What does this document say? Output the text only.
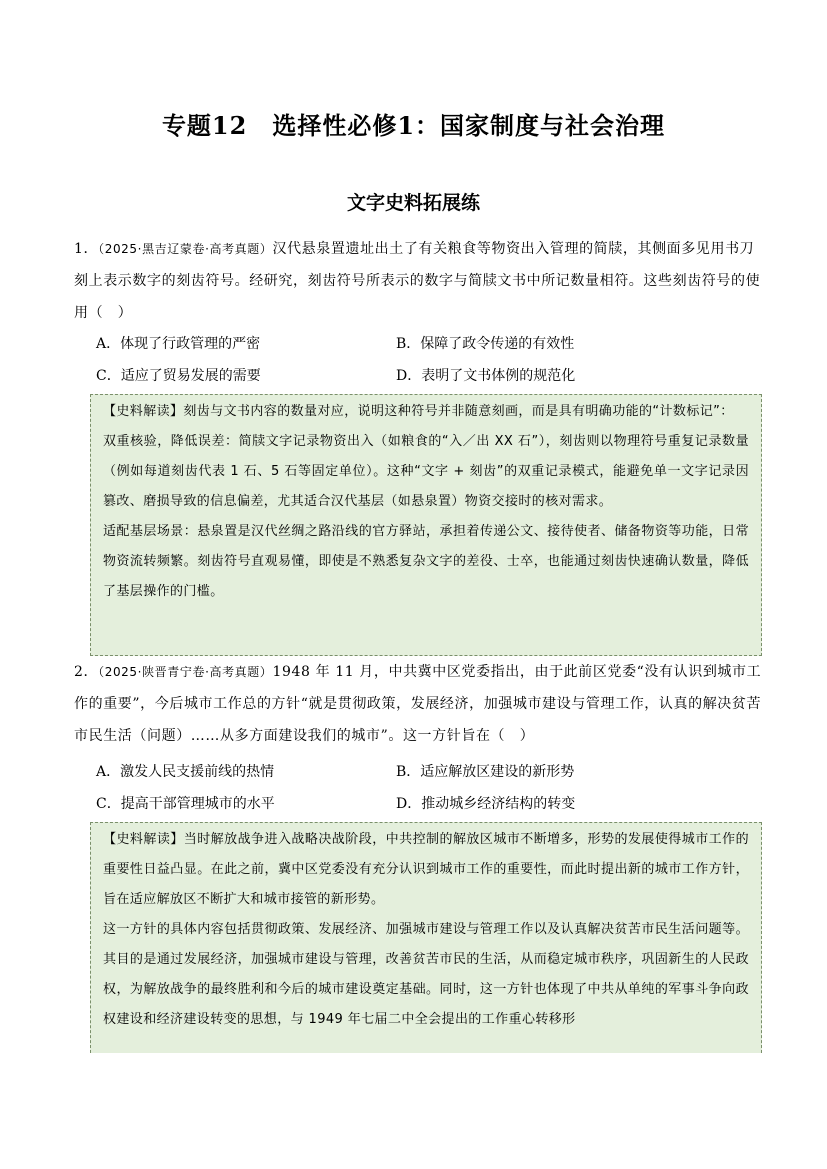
专题12　选择性必修1：国家制度与社会治理
文字史料拓展练
1．（2025·黑吉辽蒙卷·高考真题）汉代悬泉置遗址出土了有关粮食等物资出入管理的简牍，其侧面多见用书刀刻上表示数字的刻齿符号。经研究，刻齿符号所表示的数字与简牍文书中所记数量相符。这些刻齿符号的使用（　）
A．体现了行政管理的严密	B．保障了政令传递的有效性
C．适应了贸易发展的需要	D．表明了文书体例的规范化

【史料解读】刻齿与文书内容的数量对应，说明这种符号并非随意刻画，而是具有明确功能的“计数标记”：

双重核验，降低误差：简牍文字记录物资出入（如粮食的“入／出 XX 石”），刻齿则以物理符号重复记录数量（例如每道刻齿代表 1 石、5 石等固定单位）。这种“文字 + 刻齿”的双重记录模式，能避免单一文字记录因篡改、磨损导致的信息偏差，尤其适合汉代基层（如悬泉置）物资交接时的核对需求。

适配基层场景：悬泉置是汉代丝绸之路沿线的官方驿站，承担着传递公文、接待使者、储备物资等功能，日常物资流转频繁。刻齿符号直观易懂，即使是不熟悉复杂文字的差役、士卒，也能通过刻齿快速确认数量，降低了基层操作的门槛。

2．（2025·陕晋青宁卷·高考真题）1948 年 11 月，中共冀中区党委指出，由于此前区党委“没有认识到城市工作的重要”，今后城市工作总的方针“就是贯彻政策，发展经济，加强城市建设与管理工作，认真的解决贫苦市民生活（问题）……从多方面建设我们的城市”。这一方针旨在（　）
A．激发人民支援前线的热情	B．适应解放区建设的新形势
C．提高干部管理城市的水平	D．推动城乡经济结构的转变

【史料解读】当时解放战争进入战略决战阶段，中共控制的解放区城市不断增多，形势的发展使得城市工作的重要性日益凸显。在此之前，冀中区党委没有充分认识到城市工作的重要性，而此时提出新的城市工作方针，旨在适应解放区不断扩大和城市接管的新形势。

这一方针的具体内容包括贯彻政策、发展经济、加强城市建设与管理工作以及认真解决贫苦市民生活问题等。其目的是通过发展经济，加强城市建设与管理，改善贫苦市民的生活，从而稳定城市秩序，巩固新生的人民政权，为解放战争的最终胜利和今后的城市建设奠定基础。同时，这一方针也体现了中共从单纯的军事斗争向政权建设和经济建设转变的思想，与 1949 年七届二中全会提出的工作重心转移形
